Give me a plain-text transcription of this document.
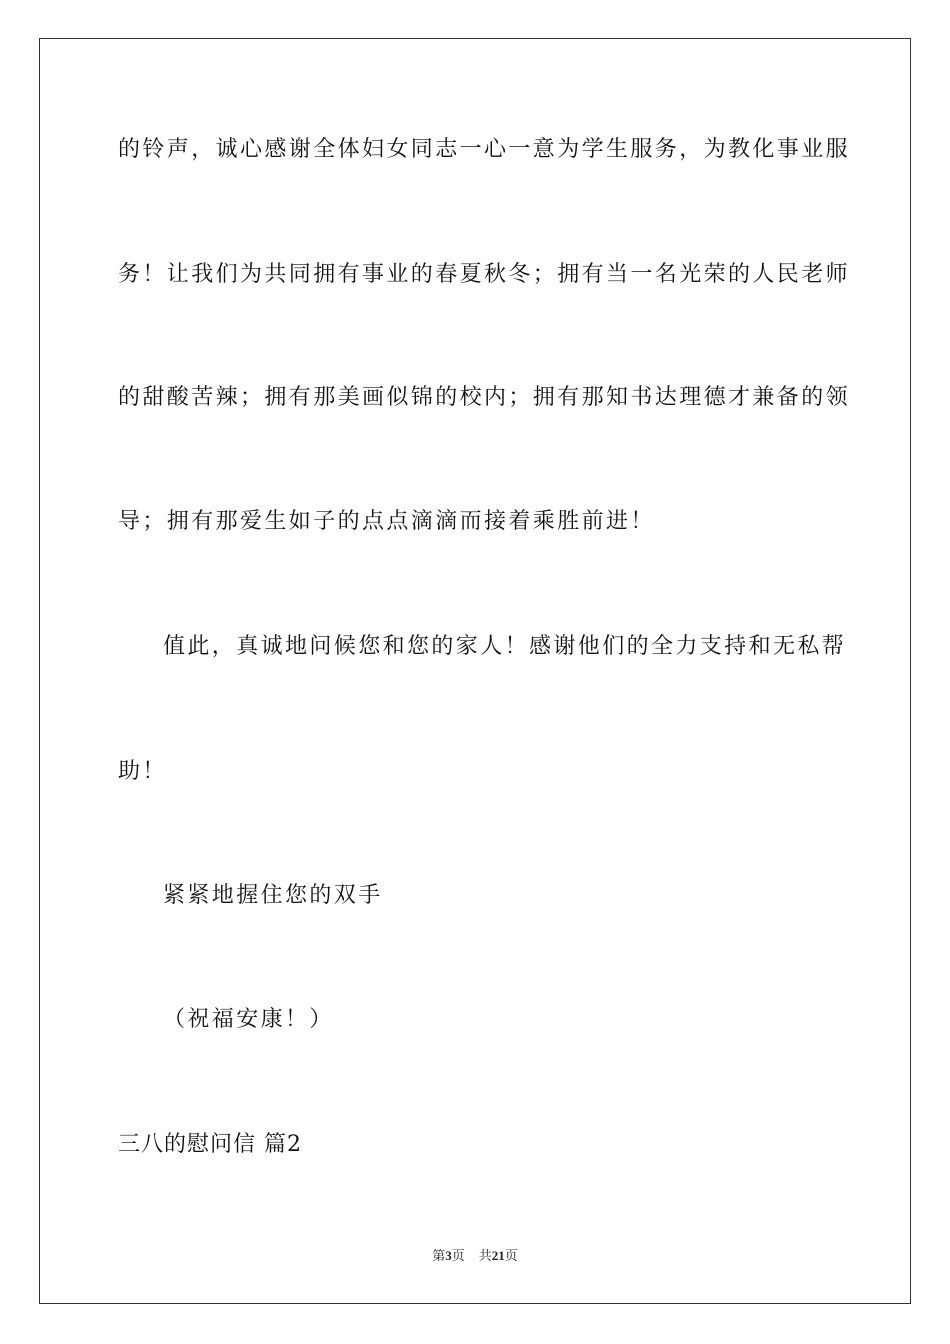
的铃声，诚心感谢全体妇女同志一心一意为学生服务，为教化事业服
务！让我们为共同拥有事业的春夏秋冬；拥有当一名光荣的人民老师
的甜酸苦辣；拥有那美画似锦的校内；拥有那知书达理德才兼备的领
导；拥有那爱生如子的点点滴滴而接着乘胜前进！
值此，真诚地问候您和您的家人！感谢他们的全力支持和无私帮
助！
紧紧地握住您的双手
（祝福安康！）
三八的慰问信 篇2
第3页 共21页
